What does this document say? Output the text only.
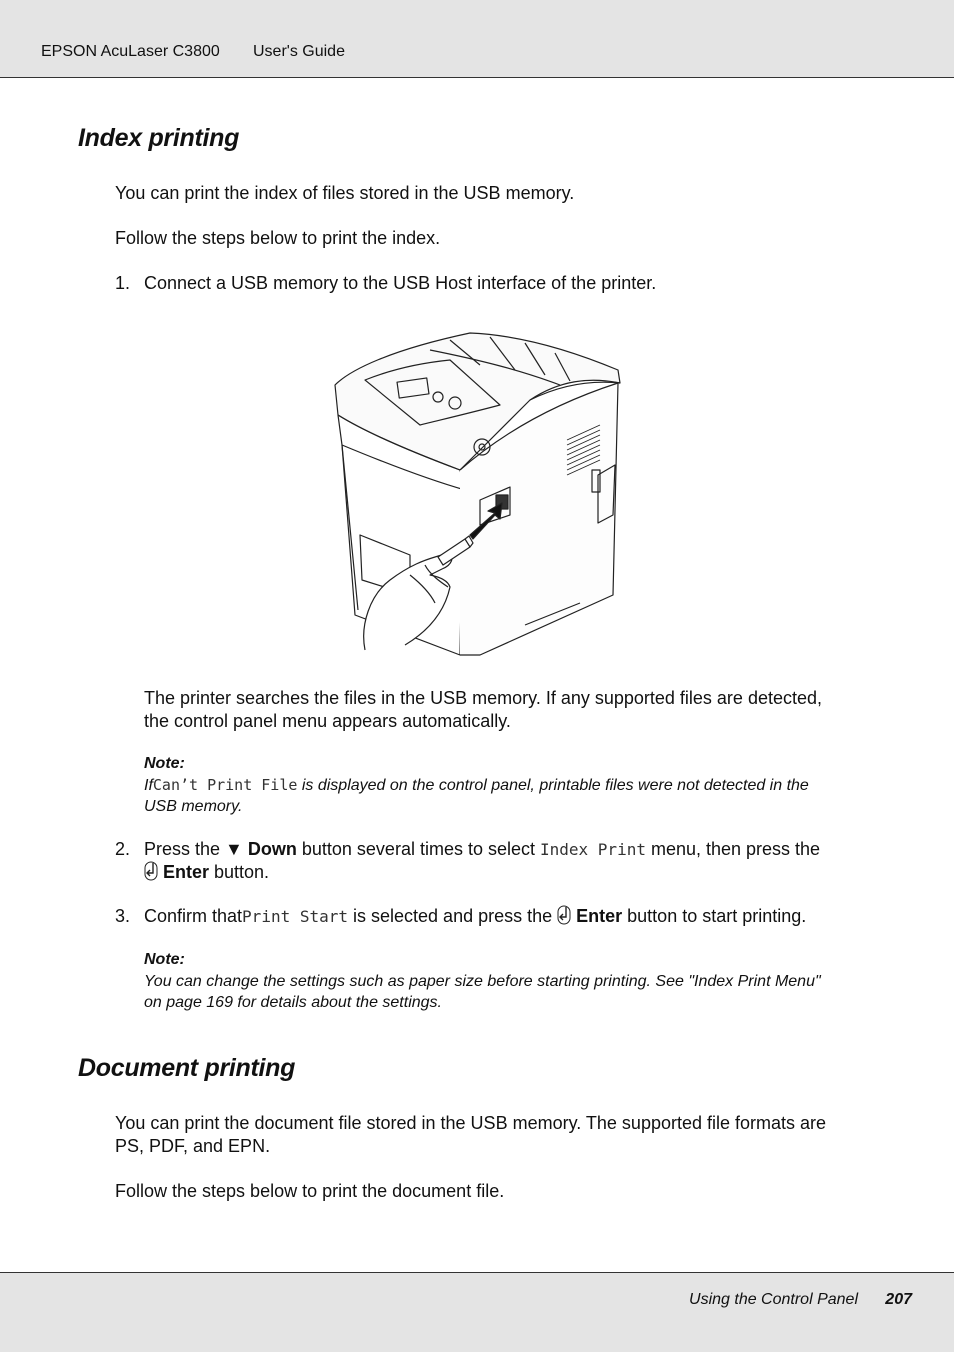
EPSON AcuLaser C3800 User's Guide
Index printing

You can print the index of files stored in the USB memory.

Follow the steps below to print the index.

1. Connect a USB memory to the USB Host interface of the printer.

The printer searches the files in the USB memory. If any supported files are detected,
the control panel menu appears automatically.

Note:

IfCan’t Print File is displayed on the control panel, printable files were not detected in the
USB memory.

2. Press the ▼ Down button several times to select Index Print menu, then press the
Enter button.

3. Confirm thatPrint Start is selected and press the  Enter button to start printing.

Note:

You can change the settings such as paper size before starting printing. See "Index Print Menu"
on page 169 for details about the settings.

Document printing

You can print the document file stored in the USB memory. The supported file formats are
PS, PDF, and EPN.

Follow the steps below to print the document file.

Using the Control Panel 207
